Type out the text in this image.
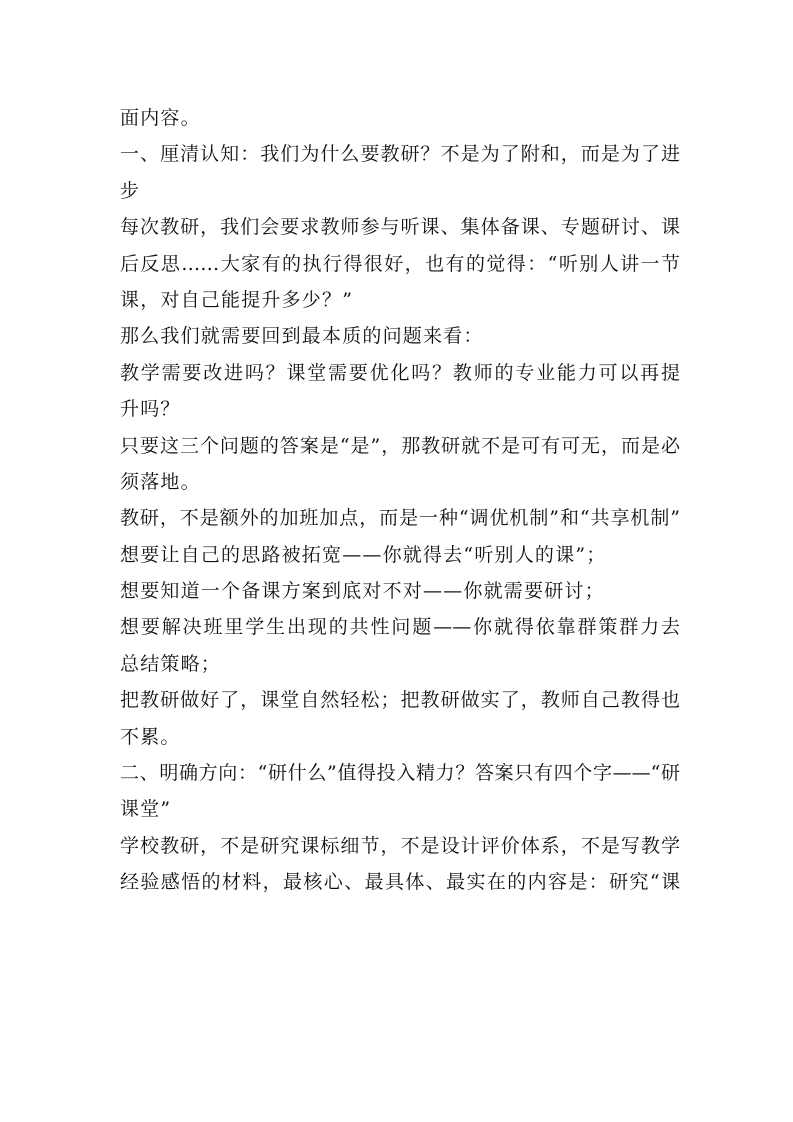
面内容。
一、厘清认知：我们为什么要教研？不是为了附和，而是为了进
步
每次教研，我们会要求教师参与听课、集体备课、专题研讨、课
后反思……大家有的执行得很好，也有的觉得：“听别人讲一节
课，对自己能提升多少？”
那么我们就需要回到最本质的问题来看：
教学需要改进吗？课堂需要优化吗？教师的专业能力可以再提
升吗？
只要这三个问题的答案是“是”，那教研就不是可有可无，而是必
须落地。
教研，不是额外的加班加点，而是一种“调优机制”和“共享机制”
想要让自己的思路被拓宽——你就得去“听别人的课”；
想要知道一个备课方案到底对不对——你就需要研讨；
想要解决班里学生出现的共性问题——你就得依靠群策群力去
总结策略；
把教研做好了，课堂自然轻松；把教研做实了，教师自己教得也
不累。
二、明确方向：“研什么”值得投入精力？答案只有四个字——“研
课堂”
学校教研，不是研究课标细节，不是设计评价体系，不是写教学
经验感悟的材料，最核心、最具体、最实在的内容是：研究“课
